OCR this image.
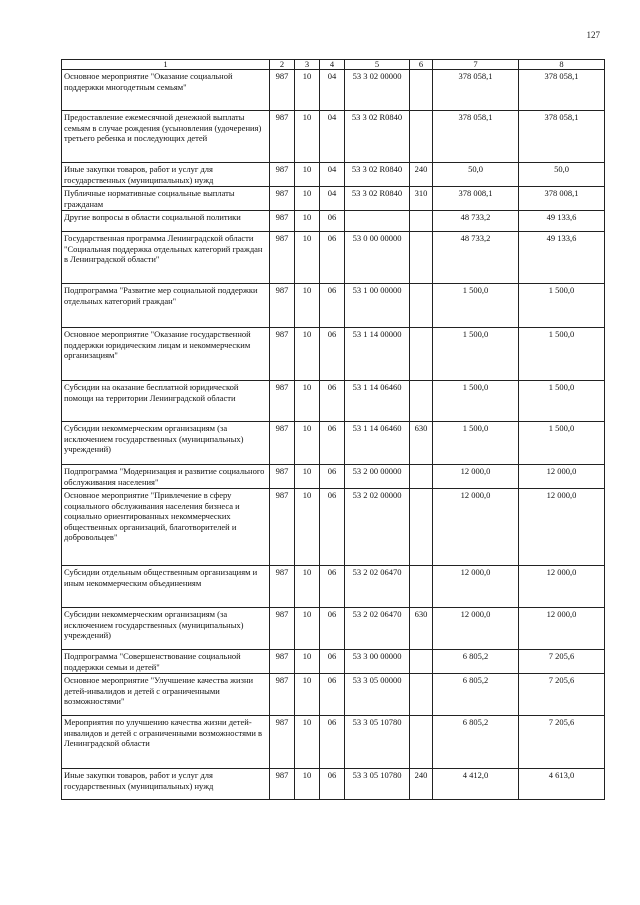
127
1	2	3	4	5	6	7	8
Основное мероприятие "Оказание социальной поддержки многодетным семьям"	987	10	04	53 3 02 00000		378 058,1	378 058,1
Предоставление ежемесячной денежной выплаты семьям в случае рождения (усыновления (удочерения) третьего ребенка и последующих детей	987	10	04	53 3 02 R0840		378 058,1	378 058,1
Иные закупки товаров, работ и услуг для государственных (муниципальных) нужд	987	10	04	53 3 02 R0840	240	50,0	50,0
Публичные нормативные социальные выплаты гражданам	987	10	04	53 3 02 R0840	310	378 008,1	378 008,1
Другие вопросы в области социальной политики	987	10	06			48 733,2	49 133,6
Государственная программа Ленинградской области "Социальная поддержка отдельных категорий граждан в Ленинградской области"	987	10	06	53 0 00 00000		48 733,2	49 133,6
Подпрограмма "Развитие мер социальной поддержки отдельных категорий граждан"	987	10	06	53 1 00 00000		1 500,0	1 500,0
Основное мероприятие "Оказание государственной поддержки юридическим лицам и некоммерческим организациям"	987	10	06	53 1 14 00000		1 500,0	1 500,0
Субсидии на оказание бесплатной юридической помощи на территории Ленинградской области	987	10	06	53 1 14 06460		1 500,0	1 500,0
Субсидии некоммерческим организациям (за исключением государственных (муниципальных) учреждений)	987	10	06	53 1 14 06460	630	1 500,0	1 500,0
Подпрограмма "Модернизация и развитие социального обслуживания населения"	987	10	06	53 2 00 00000		12 000,0	12 000,0
Основное мероприятие "Привлечение в сферу социального обслуживания населения бизнеса и социально ориентированных некоммерческих общественных организаций, благотворителей и добровольцев"	987	10	06	53 2 02 00000		12 000,0	12 000,0
Субсидии отдельным общественным организациям и иным некоммерческим объединениям	987	10	06	53 2 02 06470		12 000,0	12 000,0
Субсидии некоммерческим организациям (за исключением государственных (муниципальных) учреждений)	987	10	06	53 2 02 06470	630	12 000,0	12 000,0
Подпрограмма "Совершенствование социальной поддержки семьи и детей"	987	10	06	53 3 00 00000		6 805,2	7 205,6
Основное мероприятие "Улучшение качества жизни детей-инвалидов и детей с ограниченными возможностями"	987	10	06	53 3 05 00000		6 805,2	7 205,6
Мероприятия по улучшению качества жизни детей-инвалидов и детей с ограниченными возможностями в Ленинградской области	987	10	06	53 3 05 10780		6 805,2	7 205,6
Иные закупки товаров, работ и услуг для государственных (муниципальных) нужд	987	10	06	53 3 05 10780	240	4 412,0	4 613,0
